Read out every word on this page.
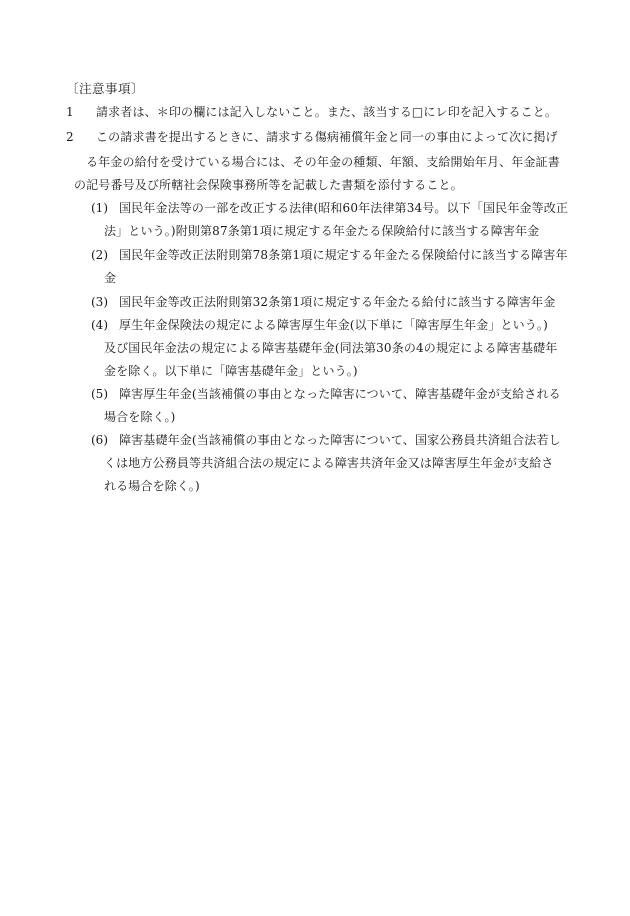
〔注意事項〕
1 請求者は、＊印の欄には記入しないこと。また、該当する□にレ印を記入すること。
2 この請求書を提出するときに、請求する傷病補償年金と同一の事由によって次に掲げ
る年金の給付を受けている場合には、その年金の種類、年額、支給開始年月、年金証書
の記号番号及び所轄社会保険事務所等を記載した書類を添付すること。
(1) 国民年金法等の一部を改正する法律(昭和60年法律第34号。以下「国民年金等改正
法」という。)附則第87条第1項に規定する年金たる保険給付に該当する障害年金
(2) 国民年金等改正法附則第78条第1項に規定する年金たる保険給付に該当する障害年
金
(3) 国民年金等改正法附則第32条第1項に規定する年金たる給付に該当する障害年金
(4) 厚生年金保険法の規定による障害厚生年金(以下単に「障害厚生年金」という。)
及び国民年金法の規定による障害基礎年金(同法第30条の4の規定による障害基礎年
金を除く。以下単に「障害基礎年金」という。)
(5) 障害厚生年金(当該補償の事由となった障害について、障害基礎年金が支給される
場合を除く。)
(6) 障害基礎年金(当該補償の事由となった障害について、国家公務員共済組合法若し
くは地方公務員等共済組合法の規定による障害共済年金又は障害厚生年金が支給さ
れる場合を除く。)
